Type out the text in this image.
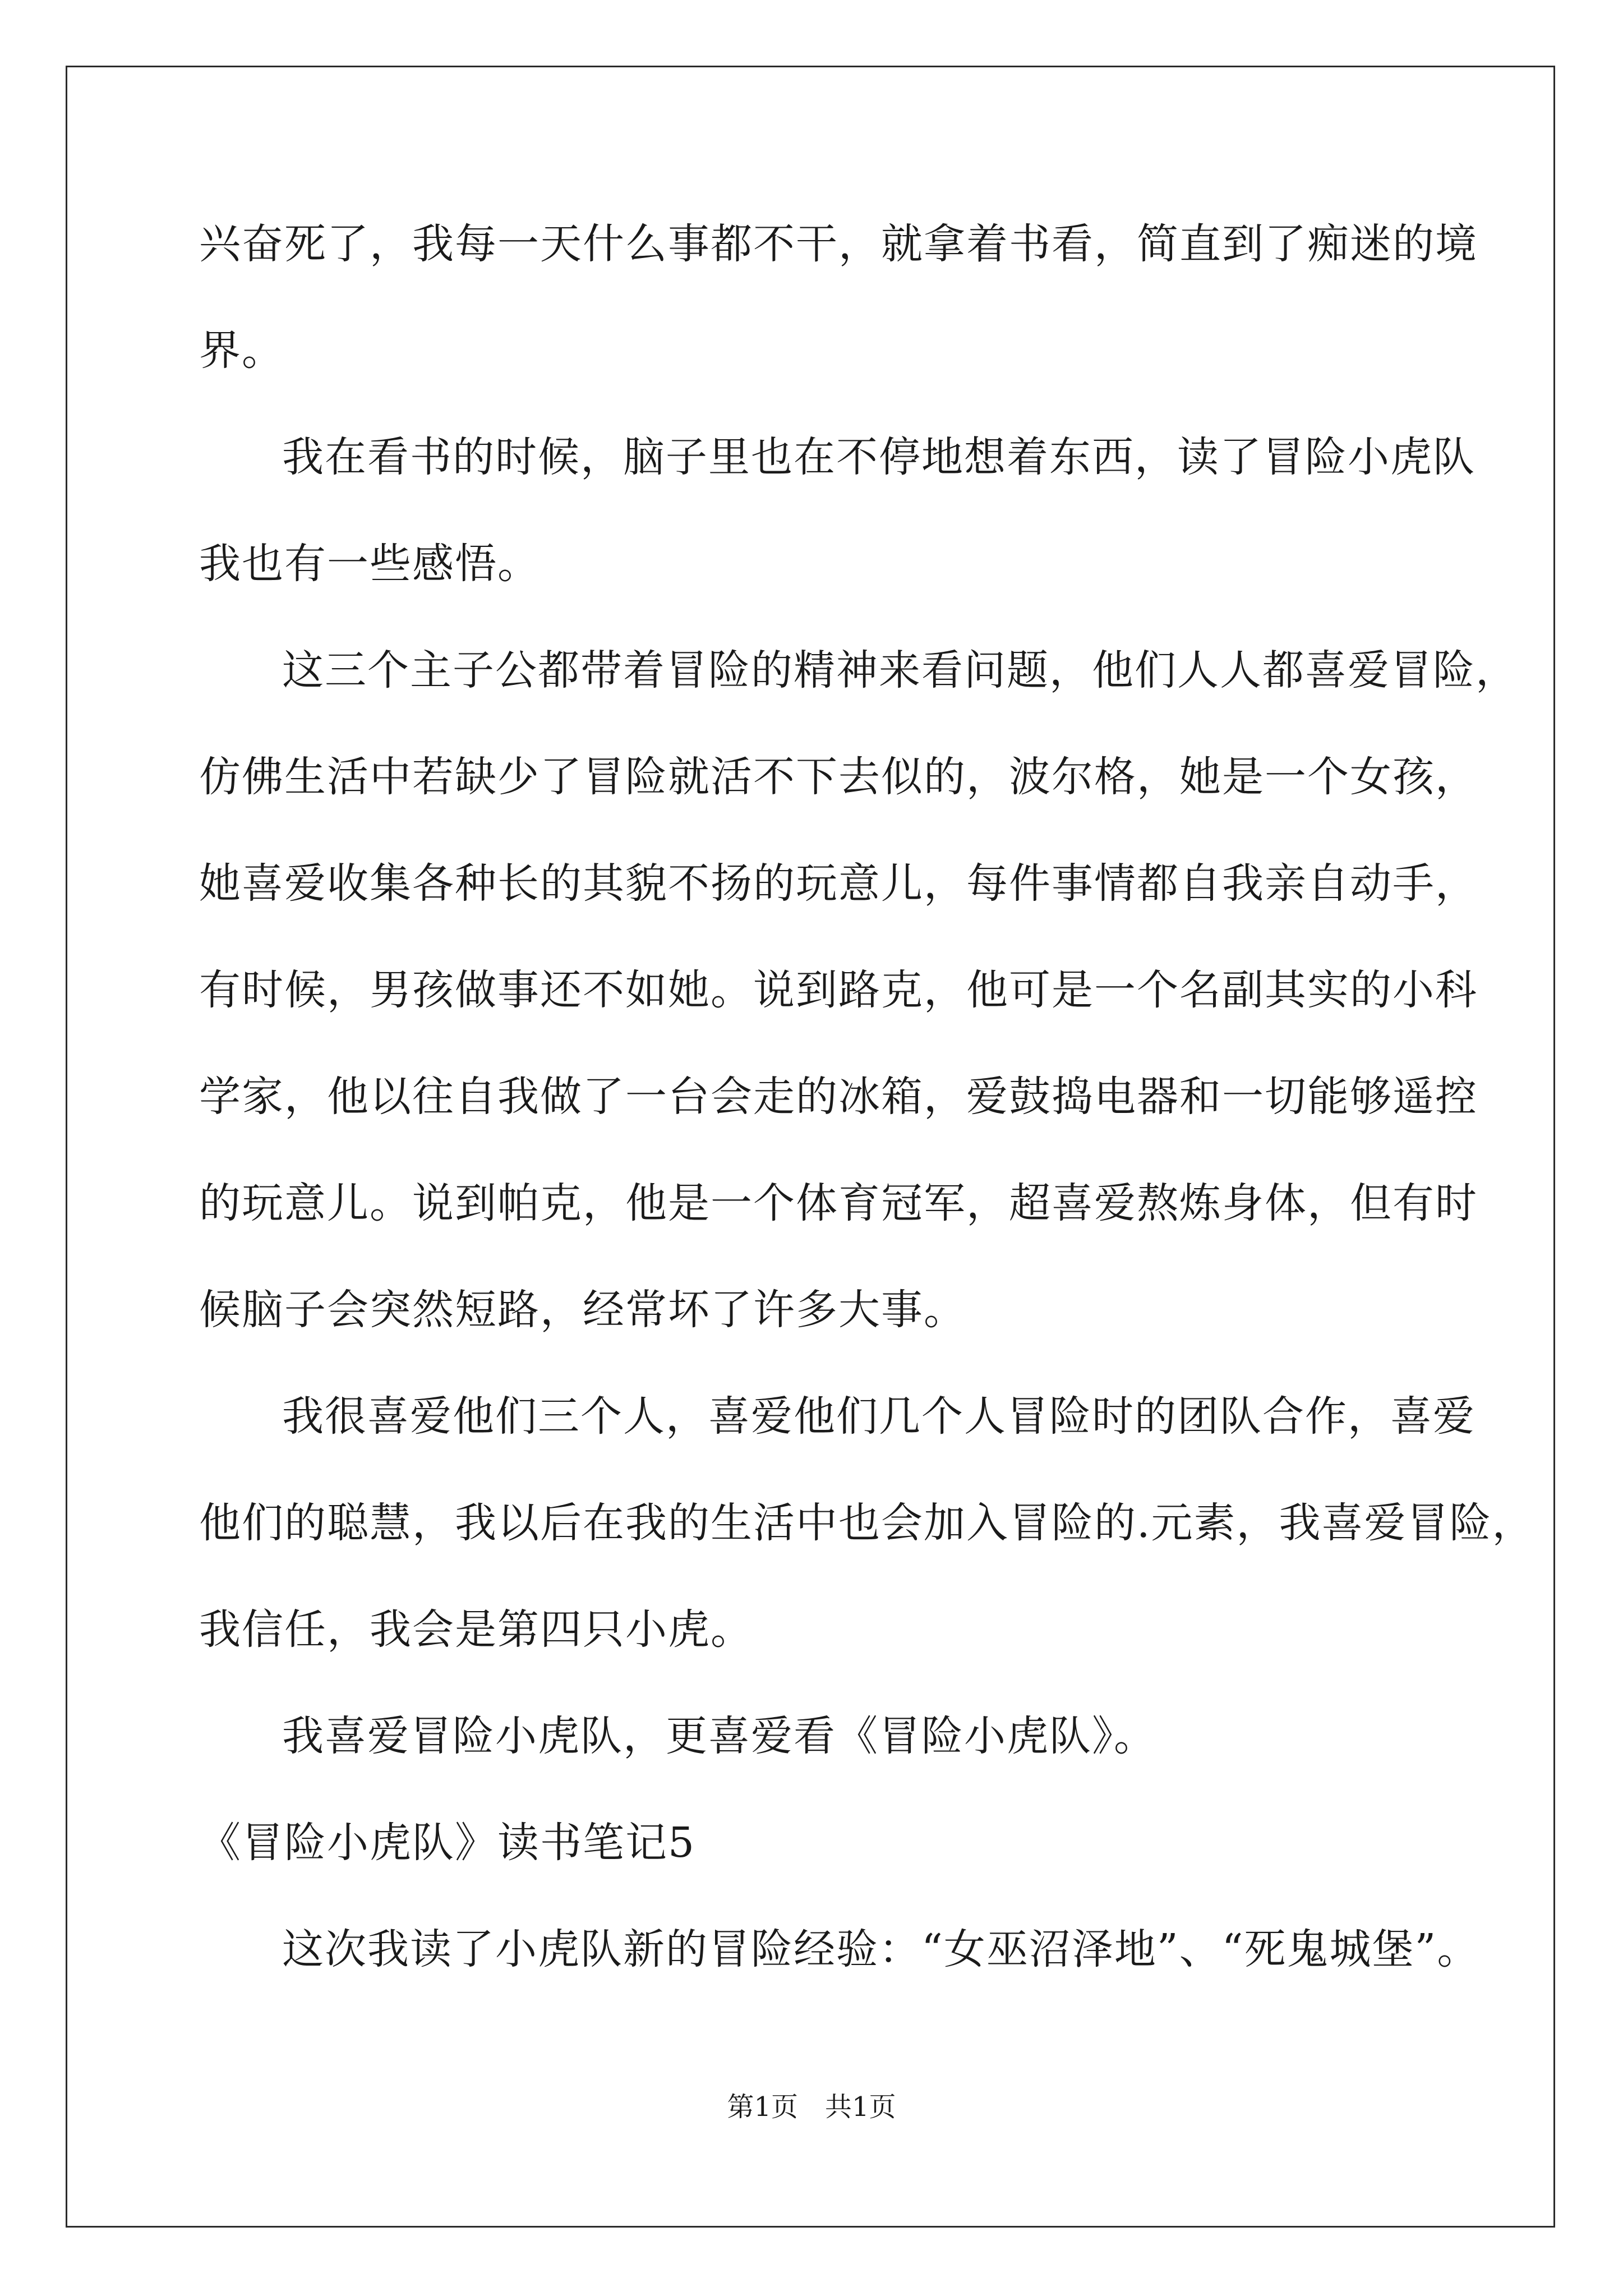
兴奋死了，我每一天什么事都不干，就拿着书看，简直到了痴迷的境
界。
我在看书的时候，脑子里也在不停地想着东西，读了冒险小虎队
我也有一些感悟。
这三个主子公都带着冒险的精神来看问题，他们人人都喜爱冒险，
仿佛生活中若缺少了冒险就活不下去似的，波尔格，她是一个女孩，
她喜爱收集各种长的其貌不扬的玩意儿，每件事情都自我亲自动手，
有时候，男孩做事还不如她。说到路克，他可是一个名副其实的小科
学家，他以往自我做了一台会走的冰箱，爱鼓捣电器和一切能够遥控
的玩意儿。说到帕克，他是一个体育冠军，超喜爱熬炼身体，但有时
候脑子会突然短路，经常坏了许多大事。
我很喜爱他们三个人，喜爱他们几个人冒险时的团队合作，喜爱
他们的聪慧，我以后在我的生活中也会加入冒险的.元素，我喜爱冒险，
我信任，我会是第四只小虎。
我喜爱冒险小虎队，更喜爱看《冒险小虎队》。
《冒险小虎队》读书笔记5
这次我读了小虎队新的冒险经验：“女巫沼泽地”、“死鬼城堡”。
第1页　共1页
